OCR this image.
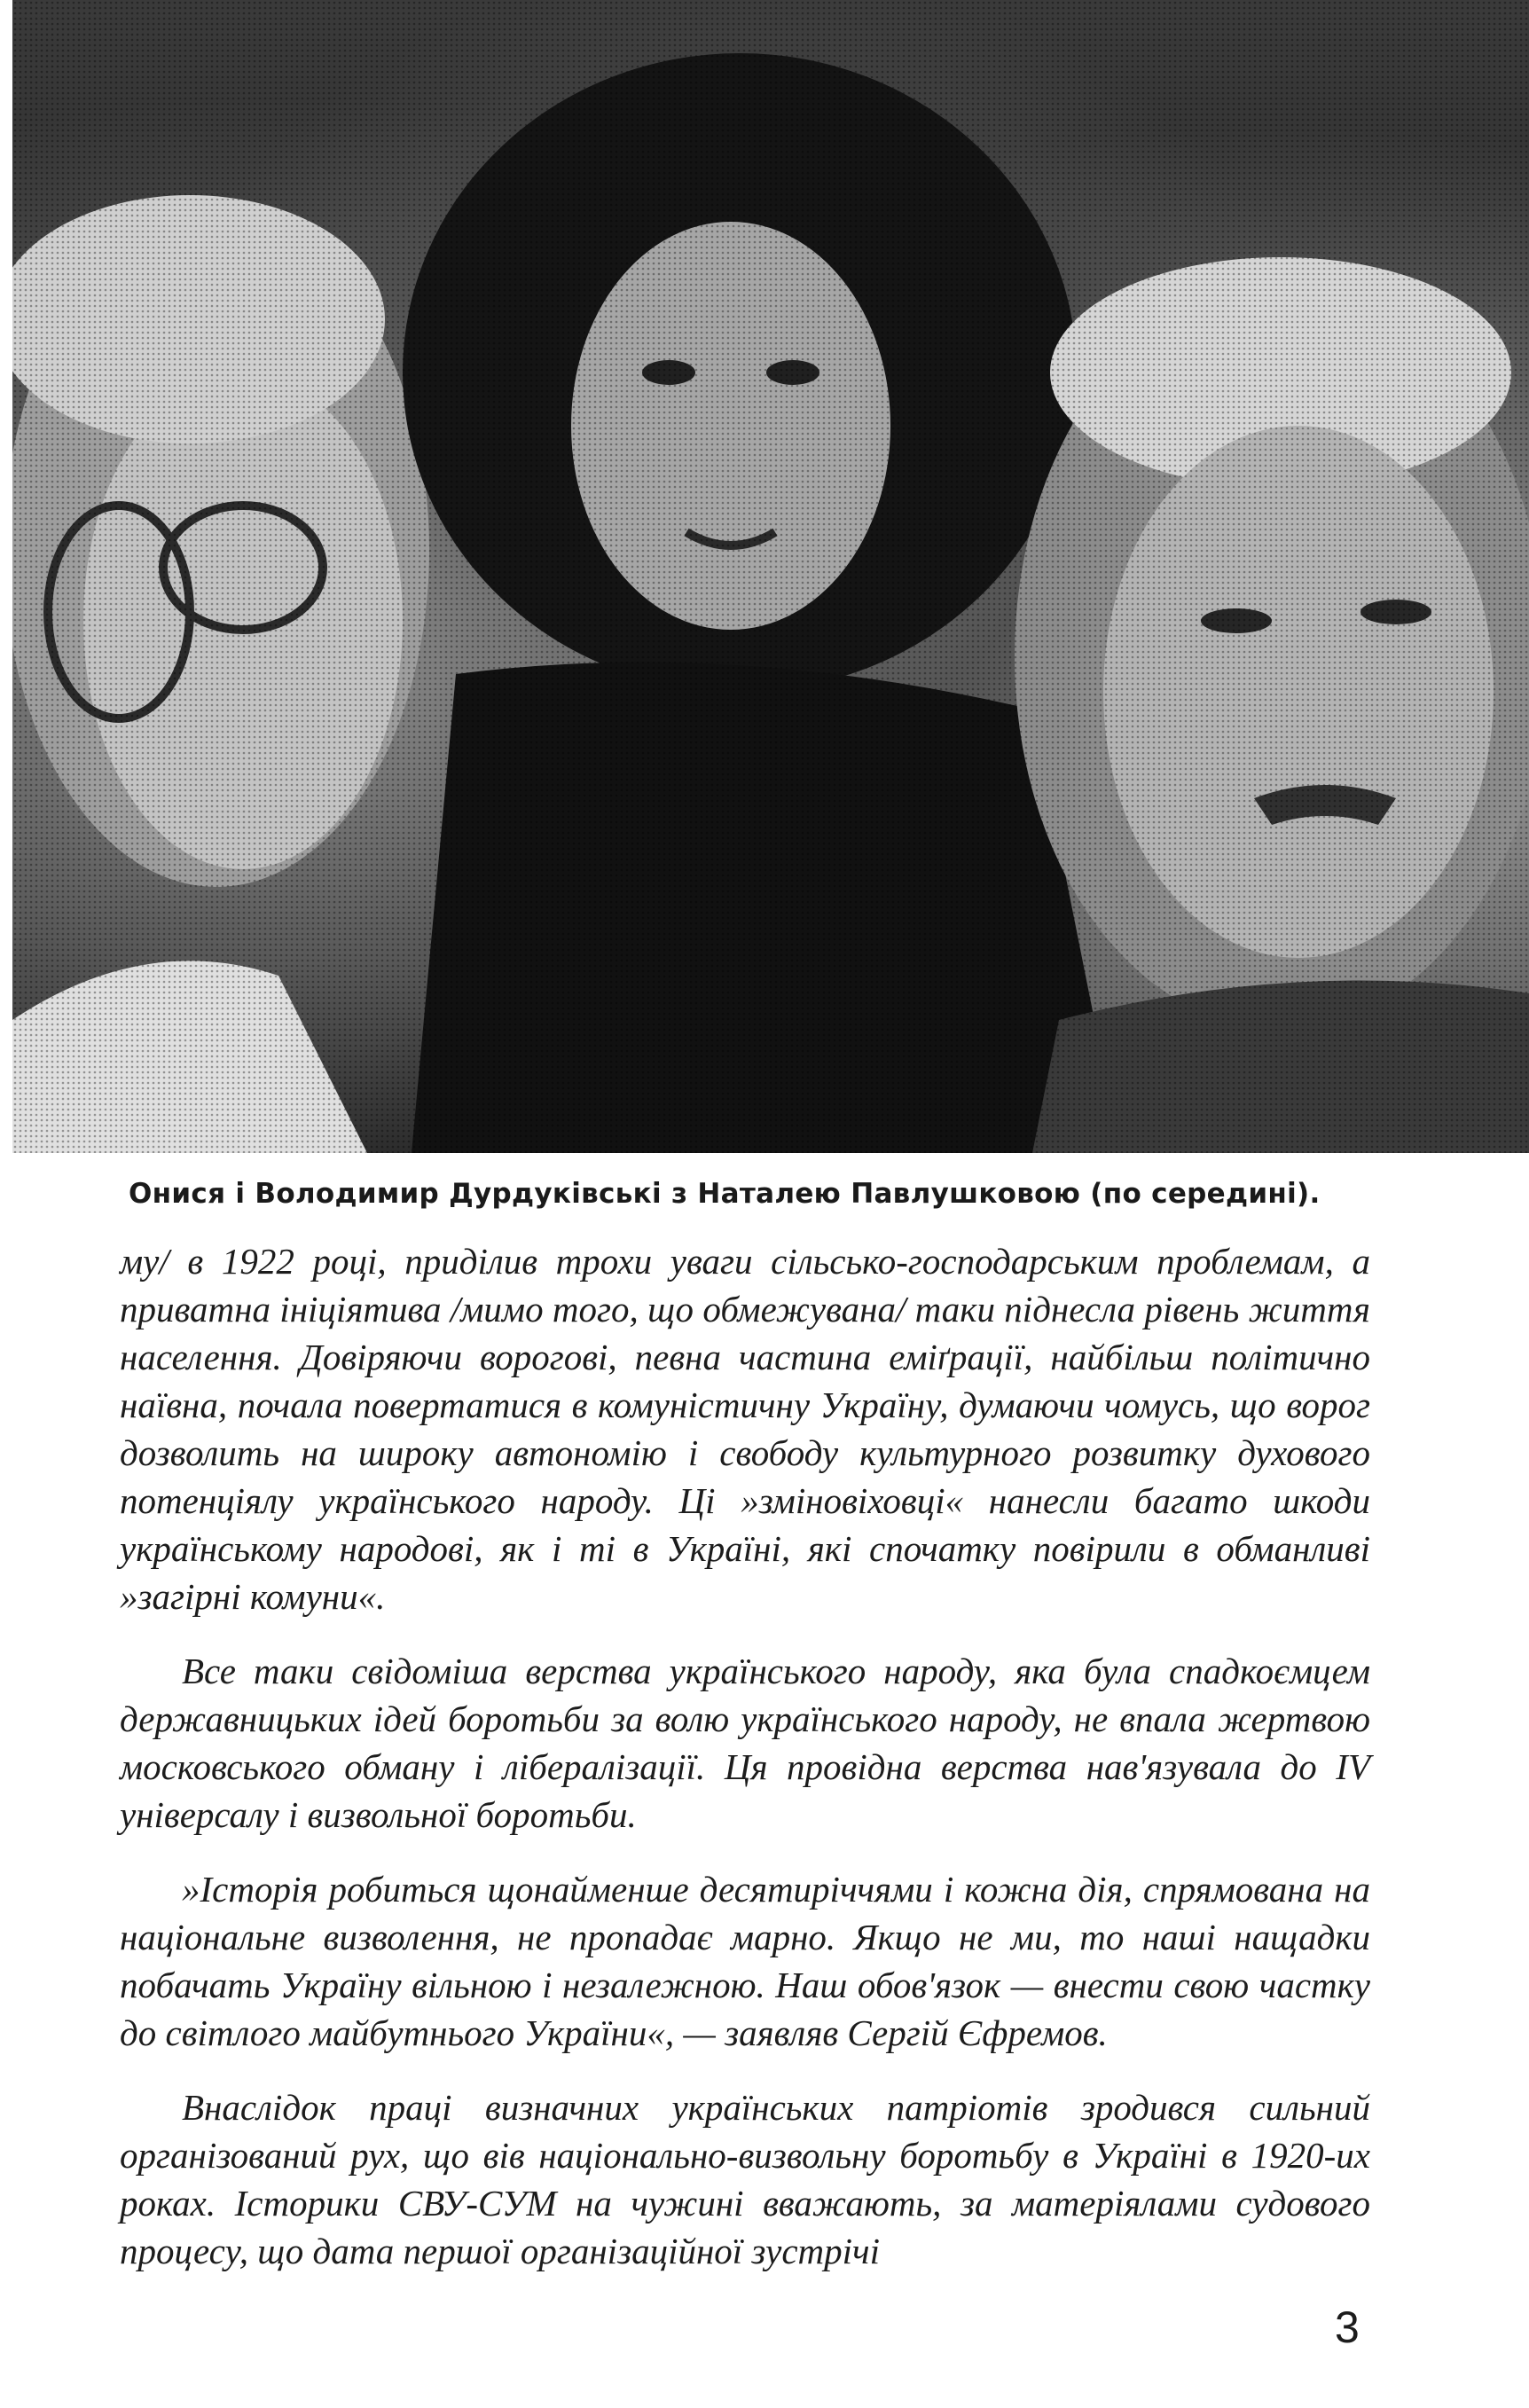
Онися і Володимир Дурдуківські з Наталею Павлушковою (по середині).

му/ в 1922 році, приділив трохи уваги сільсько-господарським проблемам, а приватна ініціятива /мимо того, що обмежувана/ таки піднесла рівень життя населення. Довіряючи ворогові, певна частина еміґрації, найбільш політично наївна, почала повертатися в комуністичну Україну, думаючи чомусь, що ворог дозволить на широку автономію і свободу культурного розвитку духового потенціялу українського народу. Ці »зміновіховці« нанесли багато шкоди українському народові, як і ті в Україні, які спочатку повірили в обманливі »загірні комуни«.

Все таки свідоміша верства українського народу, яка була спадкоємцем державницьких ідей боротьби за волю українського народу, не впала жертвою московського обману і лібералізації. Ця провідна верства нав'язувала до IV універсалу і визвольної боротьби.

»Історія робиться щонайменше десятиріччями і кожна дія, спрямована на національне визволення, не пропадає марно. Якщо не ми, то наші нащадки побачать Україну вільною і незалежною. Наш обов'язок — внести свою частку до світлого майбутнього України«, — заявляв Сергій Єфремов.

Внаслідок праці визначних українських патріотів зродився сильний організований рух, що вів національно-визвольну боротьбу в Україні в 1920-их роках. Історики СВУ-СУМ на чужині вважають, за матеріялами судового процесу, що дата першої організаційної зустрічі

3
